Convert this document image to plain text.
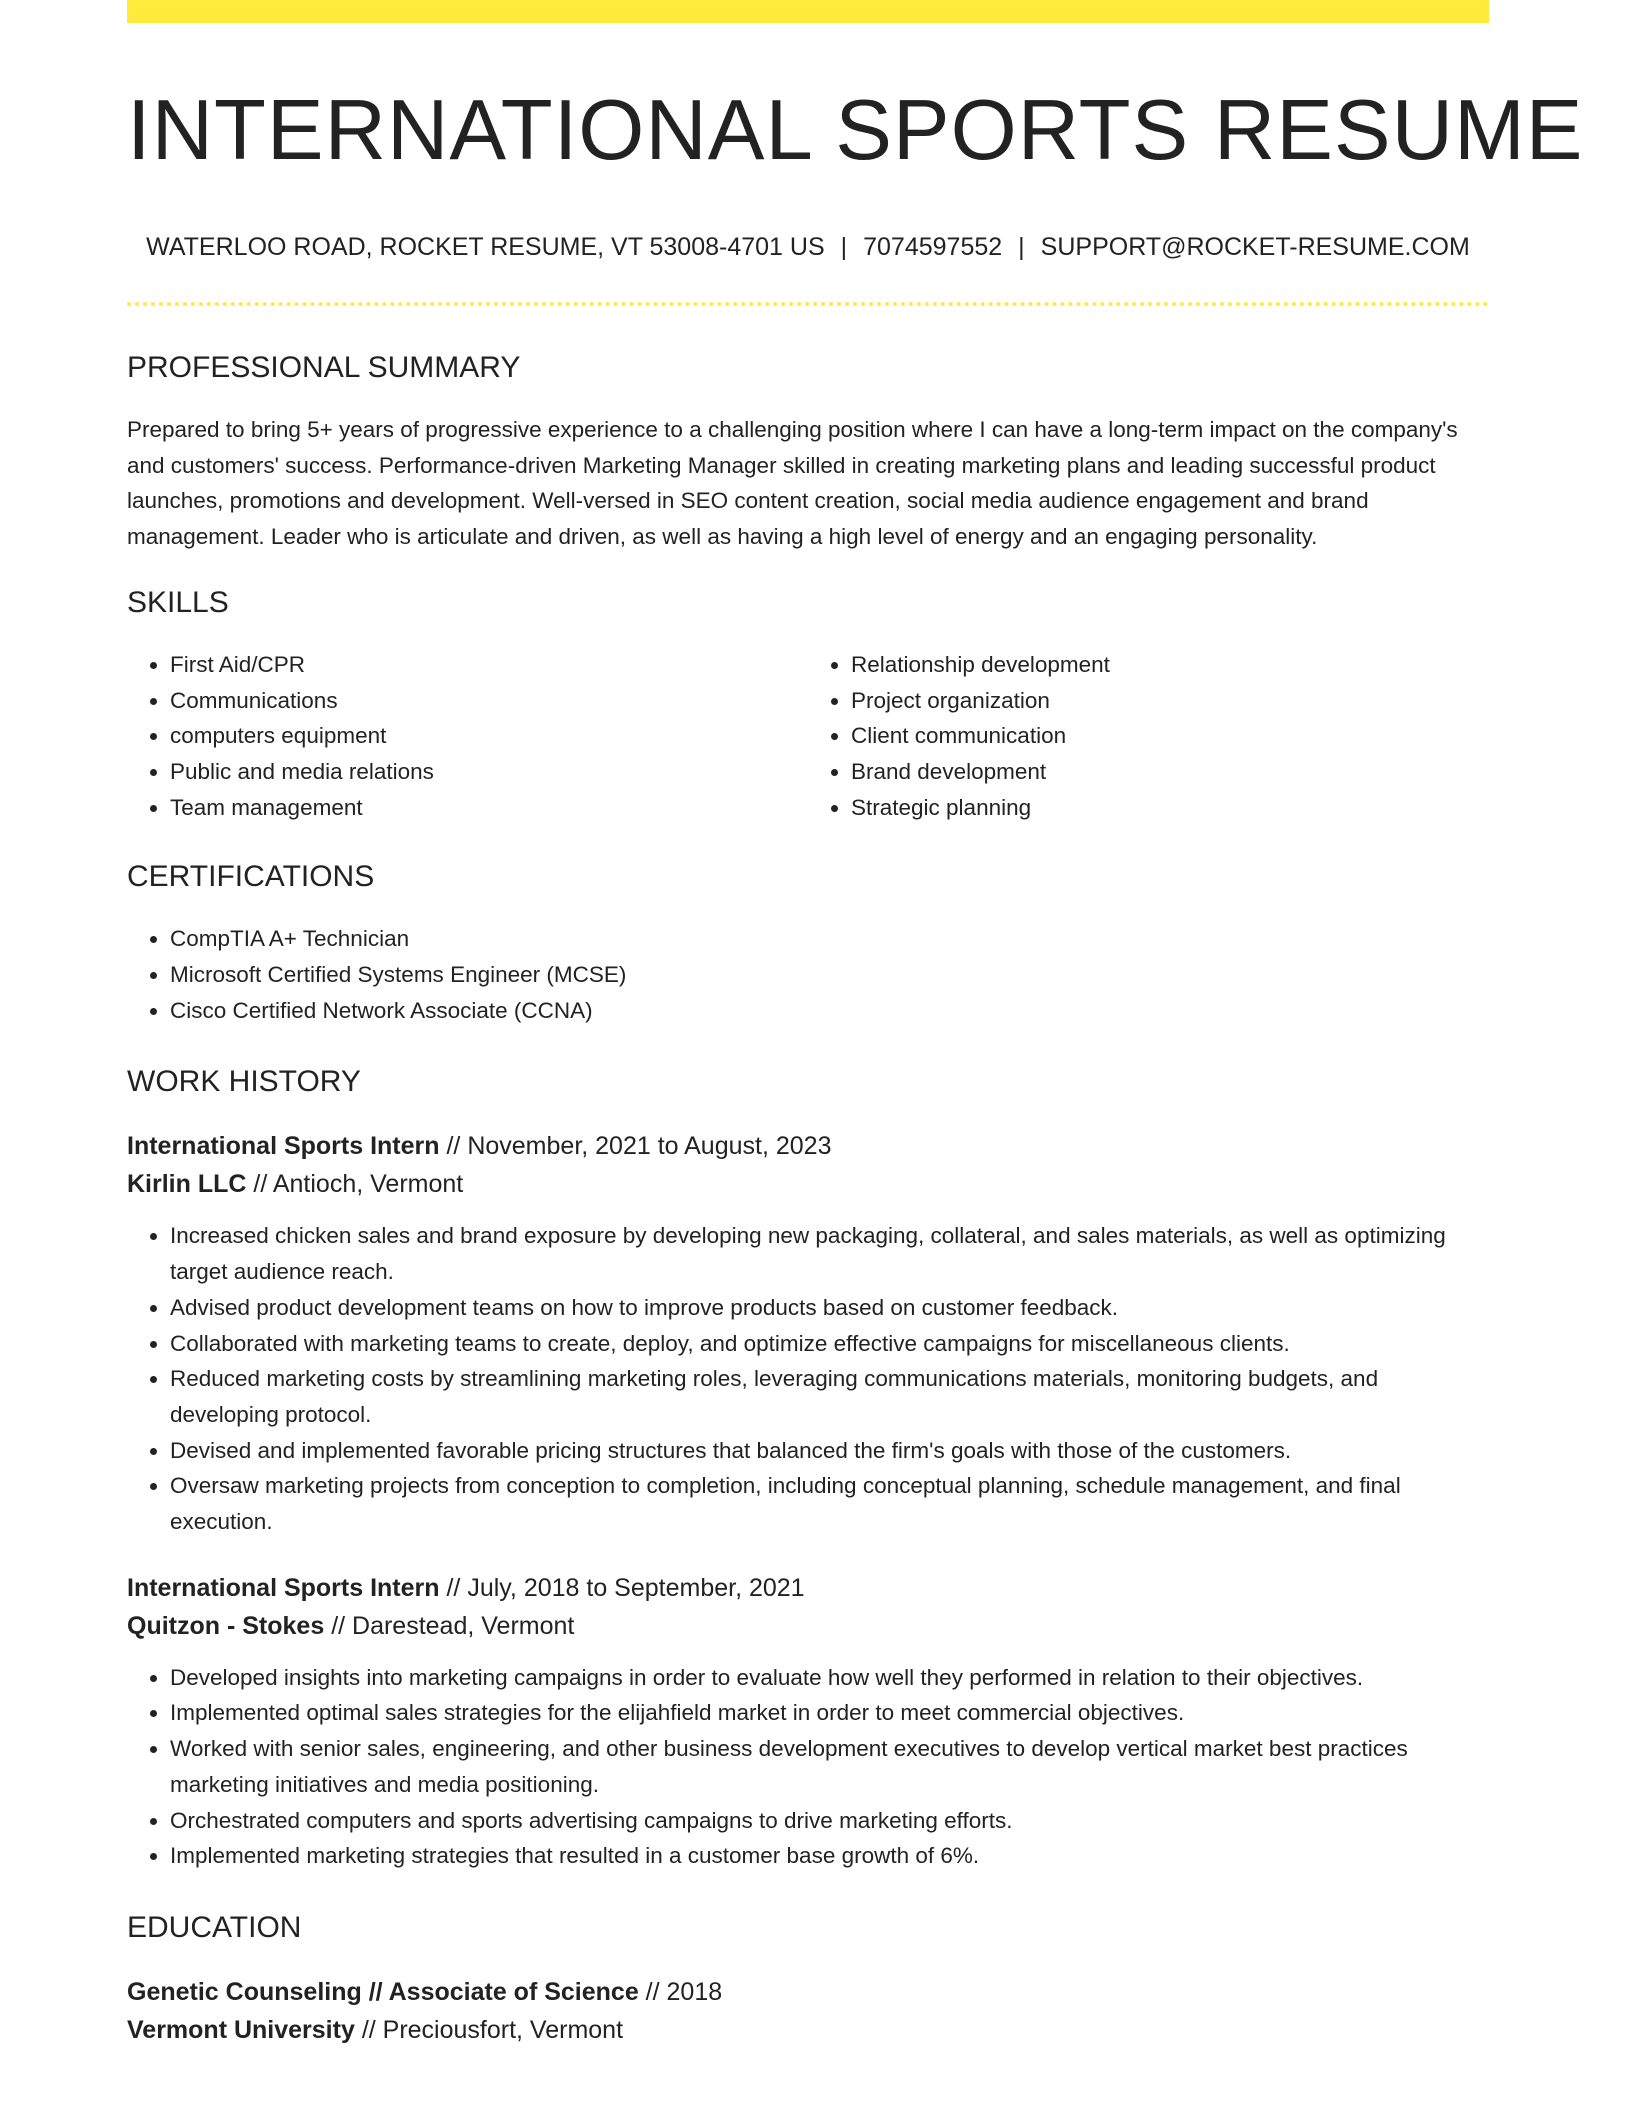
INTERNATIONAL SPORTS RESUME
WATERLOO ROAD, ROCKET RESUME, VT 53008-4701 US | 7074597552 | SUPPORT@ROCKET-RESUME.COM
PROFESSIONAL SUMMARY

Prepared to bring 5+ years of progressive experience to a challenging position where I can have a long-term impact on the company's and customers' success. Performance-driven Marketing Manager skilled in creating marketing plans and leading successful product launches, promotions and development. Well-versed in SEO content creation, social media audience engagement and brand management. Leader who is articulate and driven, as well as having a high level of energy and an engaging personality.

SKILLS
• First Aid/CPR
• Communications
• computers equipment
• Public and media relations
• Team management
• Relationship development
• Project organization
• Client communication
• Brand development
• Strategic planning
CERTIFICATIONS
• CompTIA A+ Technician
• Microsoft Certified Systems Engineer (MCSE)
• Cisco Certified Network Associate (CCNA)
WORK HISTORY
International Sports Intern // November, 2021 to August, 2023
Kirlin LLC // Antioch, Vermont
• Increased chicken sales and brand exposure by developing new packaging, collateral, and sales materials, as well as optimizing target audience reach.
• Advised product development teams on how to improve products based on customer feedback.
• Collaborated with marketing teams to create, deploy, and optimize effective campaigns for miscellaneous clients.
• Reduced marketing costs by streamlining marketing roles, leveraging communications materials, monitoring budgets, and developing protocol.
• Devised and implemented favorable pricing structures that balanced the firm's goals with those of the customers.
• Oversaw marketing projects from conception to completion, including conceptual planning, schedule management, and final execution.
International Sports Intern // July, 2018 to September, 2021
Quitzon - Stokes // Darestead, Vermont
• Developed insights into marketing campaigns in order to evaluate how well they performed in relation to their objectives.
• Implemented optimal sales strategies for the elijahfield market in order to meet commercial objectives.
• Worked with senior sales, engineering, and other business development executives to develop vertical market best practices marketing initiatives and media positioning.
• Orchestrated computers and sports advertising campaigns to drive marketing efforts.
• Implemented marketing strategies that resulted in a customer base growth of 6%.
EDUCATION
Genetic Counseling // Associate of Science // 2018
Vermont University // Preciousfort, Vermont
